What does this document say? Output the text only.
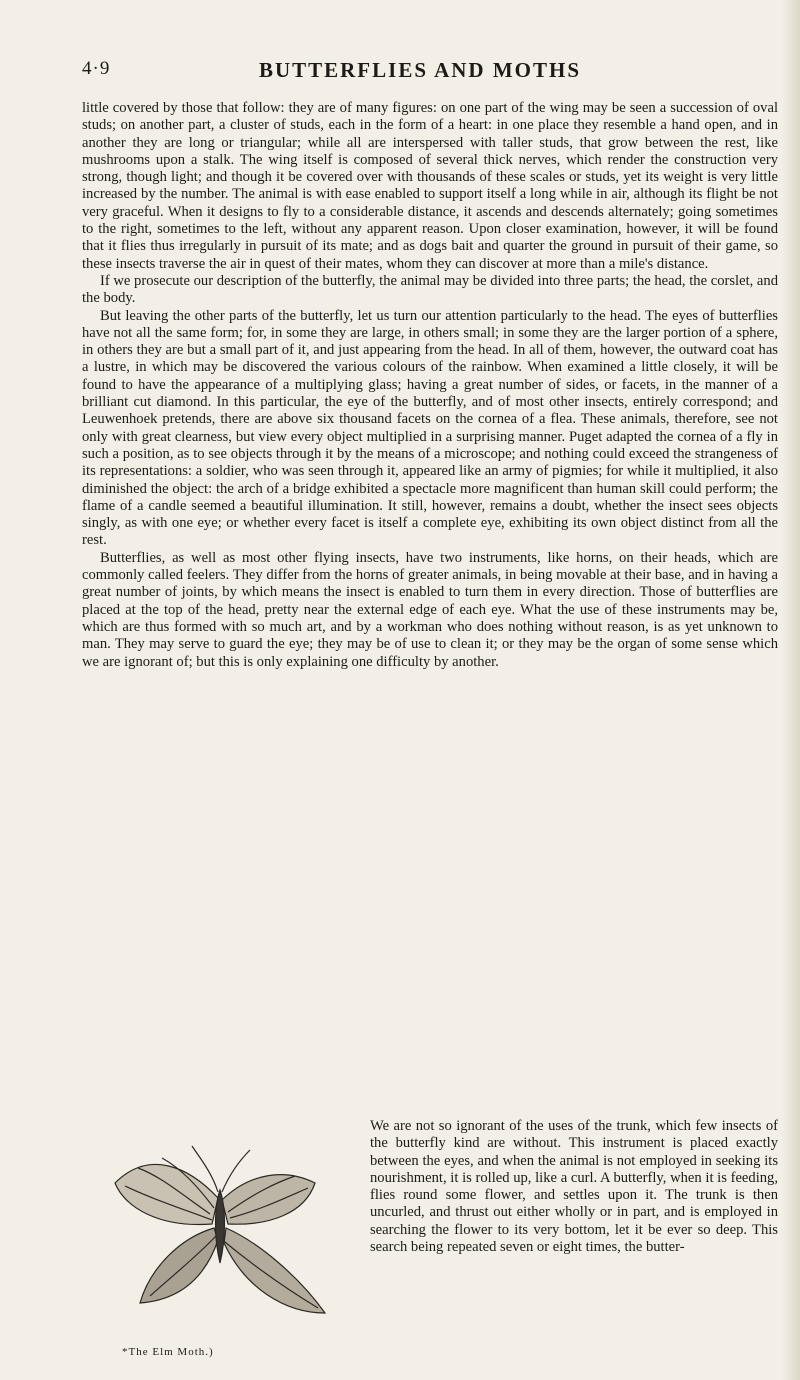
4·9	BUTTERFLIES AND MOTHS

little covered by those that follow: they are of many figures: on one part of the wing may be seen a succession of oval studs; on another part, a cluster of studs, each in the form of a heart: in one place they resemble a hand open, and in another they are long or triangular; while all are interspersed with taller studs, that grow between the rest, like mushrooms upon a stalk. The wing itself is composed of several thick nerves, which render the construction very strong, though light; and though it be covered over with thousands of these scales or studs, yet its weight is very little increased by the number. The animal is with ease enabled to support itself a long while in air, although its flight be not very graceful. When it designs to fly to a considerable distance, it ascends and descends alternately; going sometimes to the right, sometimes to the left, without any apparent reason. Upon closer examination, however, it will be found that it flies thus irregularly in pursuit of its mate; and as dogs bait and quarter the ground in pursuit of their game, so these insects traverse the air in quest of their mates, whom they can discover at more than a mile's distance.

If we prosecute our description of the butterfly, the animal may be divided into three parts; the head, the corslet, and the body.

But leaving the other parts of the butterfly, let us turn our attention particularly to the head. The eyes of butterflies have not all the same form; for, in some they are large, in others small; in some they are the larger portion of a sphere, in others they are but a small part of it, and just appearing from the head. In all of them, however, the outward coat has a lustre, in which may be discovered the various colours of the rainbow. When examined a little closely, it will be found to have the appearance of a multiplying glass; having a great number of sides, or facets, in the manner of a brilliant cut diamond. In this particular, the eye of the butterfly, and of most other insects, entirely correspond; and Leuwenhoek pretends, there are above six thousand facets on the cornea of a flea. These animals, therefore, see not only with great clearness, but view every object multiplied in a surprising manner. Puget adapted the cornea of a fly in such a position, as to see objects through it by the means of a microscope; and nothing could exceed the strangeness of its representations: a soldier, who was seen through it, appeared like an army of pigmies; for while it multiplied, it also diminished the object: the arch of a bridge exhibited a spectacle more magnificent than human skill could perform; the flame of a candle seemed a beautiful illumination. It still, however, remains a doubt, whether the insect sees objects singly, as with one eye; or whether every facet is itself a complete eye, exhibiting its own object distinct from all the rest.

Butterflies, as well as most other flying insects, have two instruments, like horns, on their heads, which are commonly called feelers. They differ from the horns of greater animals, in being movable at their base, and in having a great number of joints, by which means the insect is enabled to turn them in every direction. Those of butterflies are placed at the top of the head, pretty near the external edge of each eye. What the use of these instruments may be, which are thus formed with so much art, and by a workman who does nothing without reason, is as yet unknown to man. They may serve to guard the eye; they may be of use to clean it; or they may be the organ of some sense which we are ignorant of; but this is only explaining one difficulty by another.

*The Elm Moth.)

We are not so ignorant of the uses of the trunk, which few insects of the butterfly kind are without. This instrument is placed exactly between the eyes, and when the animal is not employed in seeking its nourishment, it is rolled up, like a curl. A butterfly, when it is feeding, flies round some flower, and settles upon it. The trunk is then uncurled, and thrust out either wholly or in part, and is employed in searching the flower to its very bottom, let it be ever so deep. This search being repeated seven or eight times, the butter-
